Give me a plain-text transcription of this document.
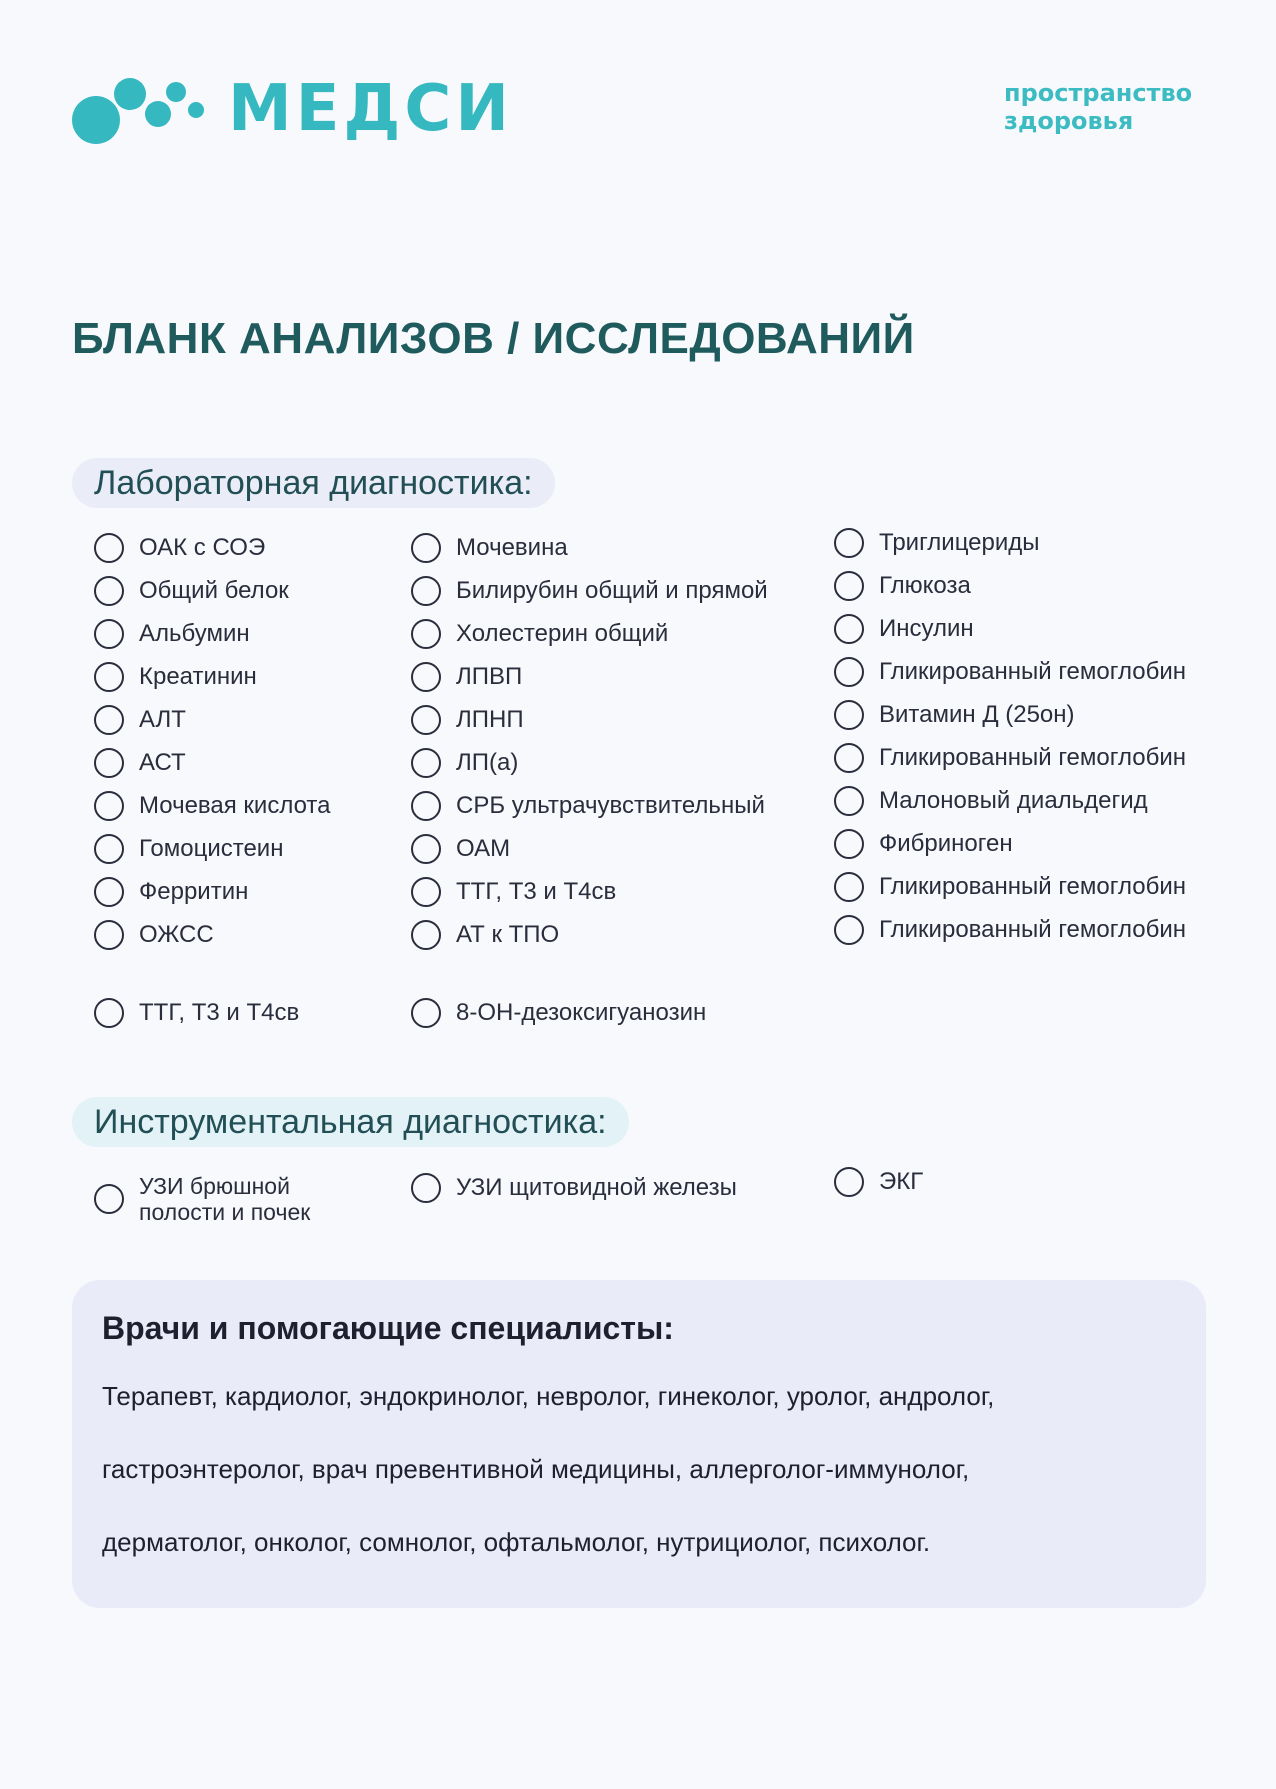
МЕДСИ	пространство
здоровья
БЛАНК АНАЛИЗОВ / ИССЛЕДОВАНИЙ
Лабораторная диагностика:
ОАК с СОЭ
Общий белок
Альбумин
Креатинин
АЛТ
АСТ
Мочевая кислота
Гомоцистеин
Ферритин
ОЖСС
ТТГ, Т3 и Т4св
Мочевина
Билирубин общий и прямой
Холестерин общий
ЛПВП
ЛПНП
ЛП(а)
СРБ ультрачувствительный
ОАМ
ТТГ, Т3 и Т4св
АТ к ТПО
8-ОН-дезоксигуанозин
Триглицериды
Глюкоза
Инсулин
Гликированный гемоглобин
Витамин Д (25он)
Гликированный гемоглобин
Малоновый диальдегид
Фибриноген
Гликированный гемоглобин
Гликированный гемоглобин
Инструментальная диагностика:
УЗИ брюшной полости и почек
УЗИ щитовидной железы	ЭКГ
Врачи и помогающие специалисты:
Терапевт, кардиолог, эндокринолог, невролог, гинеколог, уролог, андролог,
гастроэнтеролог, врач превентивной медицины, аллерголог-иммунолог,
дерматолог, онколог, сомнолог, офтальмолог, нутрициолог, психолог.
